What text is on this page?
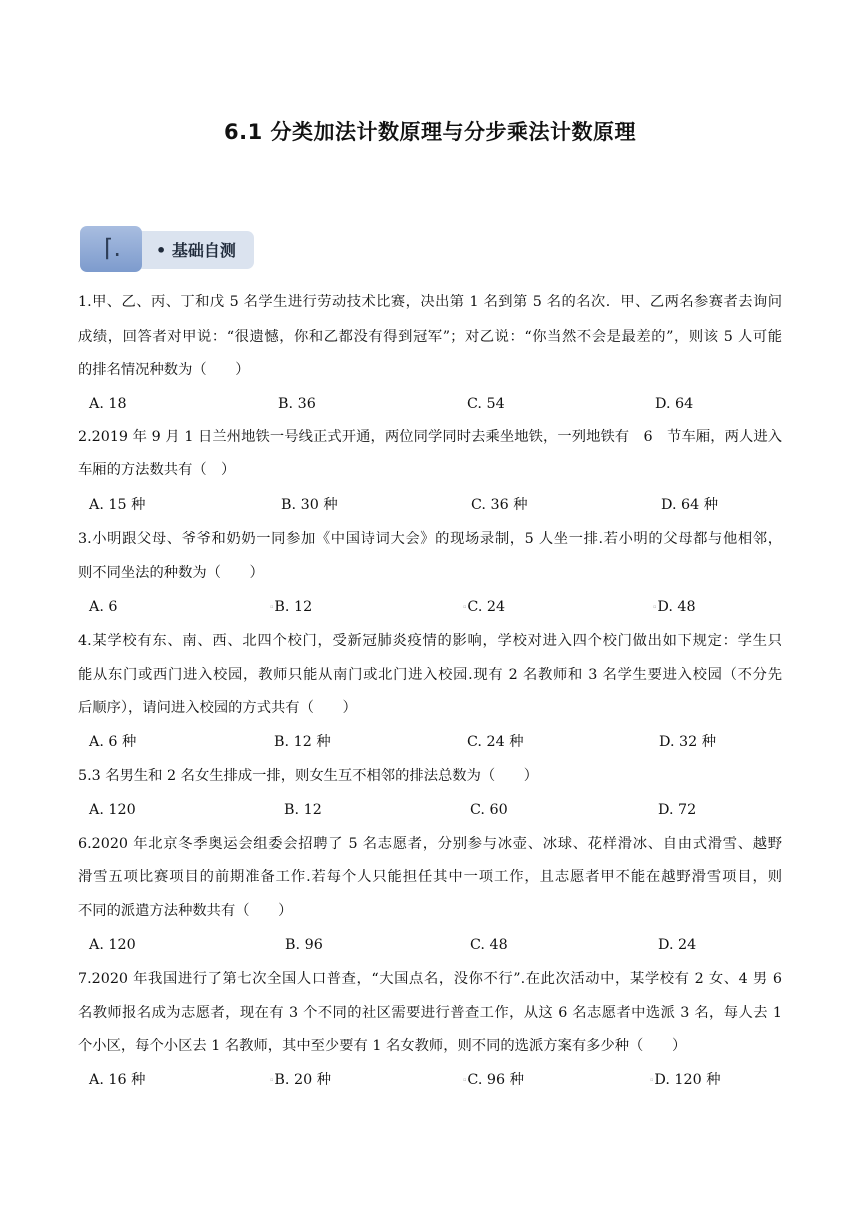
6.1 分类加法计数原理与分步乘法计数原理
⌈. • 基础自测
1.甲、乙、丙、丁和戊 5 名学生进行劳动技术比赛，决出第 1 名到第 5 名的名次．甲、乙两名参赛者去询问
成绩，回答者对甲说：“很遗憾，你和乙都没有得到冠军”；对乙说：“你当然不会是最差的”，则该 5 人可能
的排名情况种数为（　　）
A. 18	B. 36	C. 54	D. 64
2.2019 年 9 月 1 日兰州地铁一号线正式开通，两位同学同时去乘坐地铁，一列地铁有　6　节车厢，两人进入
车厢的方法数共有（　）
A. 15 种	B. 30 种	C. 36 种	D. 64 种
3.小明跟父母、爷爷和奶奶一同参加《中国诗词大会》的现场录制，5 人坐一排.若小明的父母都与他相邻，
则不同坐法的种数为（　　）
A. 6	▫B. 12	▫C. 24	▫D. 48
4.某学校有东、南、西、北四个校门，受新冠肺炎疫情的影响，学校对进入四个校门做出如下规定：学生只
能从东门或西门进入校园，教师只能从南门或北门进入校园.现有 2 名教师和 3 名学生要进入校园（不分先
后顺序），请问进入校园的方式共有（　　）
A. 6 种	B. 12 种	C. 24 种	D. 32 种
5.3 名男生和 2 名女生排成一排，则女生互不相邻的排法总数为（　　）
A. 120	B. 12	C. 60	D. 72
6.2020 年北京冬季奥运会组委会招聘了 5 名志愿者，分别参与冰壶、冰球、花样滑冰、自由式滑雪、越野
滑雪五项比赛项目的前期准备工作.若每个人只能担任其中一项工作，且志愿者甲不能在越野滑雪项目，则
不同的派遣方法种数共有（　　）
A. 120	B. 96	C. 48	D. 24
7.2020 年我国进行了第七次全国人口普查，“大国点名，没你不行”.在此次活动中，某学校有 2 女、4 男 6
名教师报名成为志愿者，现在有 3 个不同的社区需要进行普查工作，从这 6 名志愿者中选派 3 名，每人去 1
个小区，每个小区去 1 名教师，其中至少要有 1 名女教师，则不同的选派方案有多少种（　　）
A. 16 种	▫B. 20 种	▫C. 96 种	▫D. 120 种
